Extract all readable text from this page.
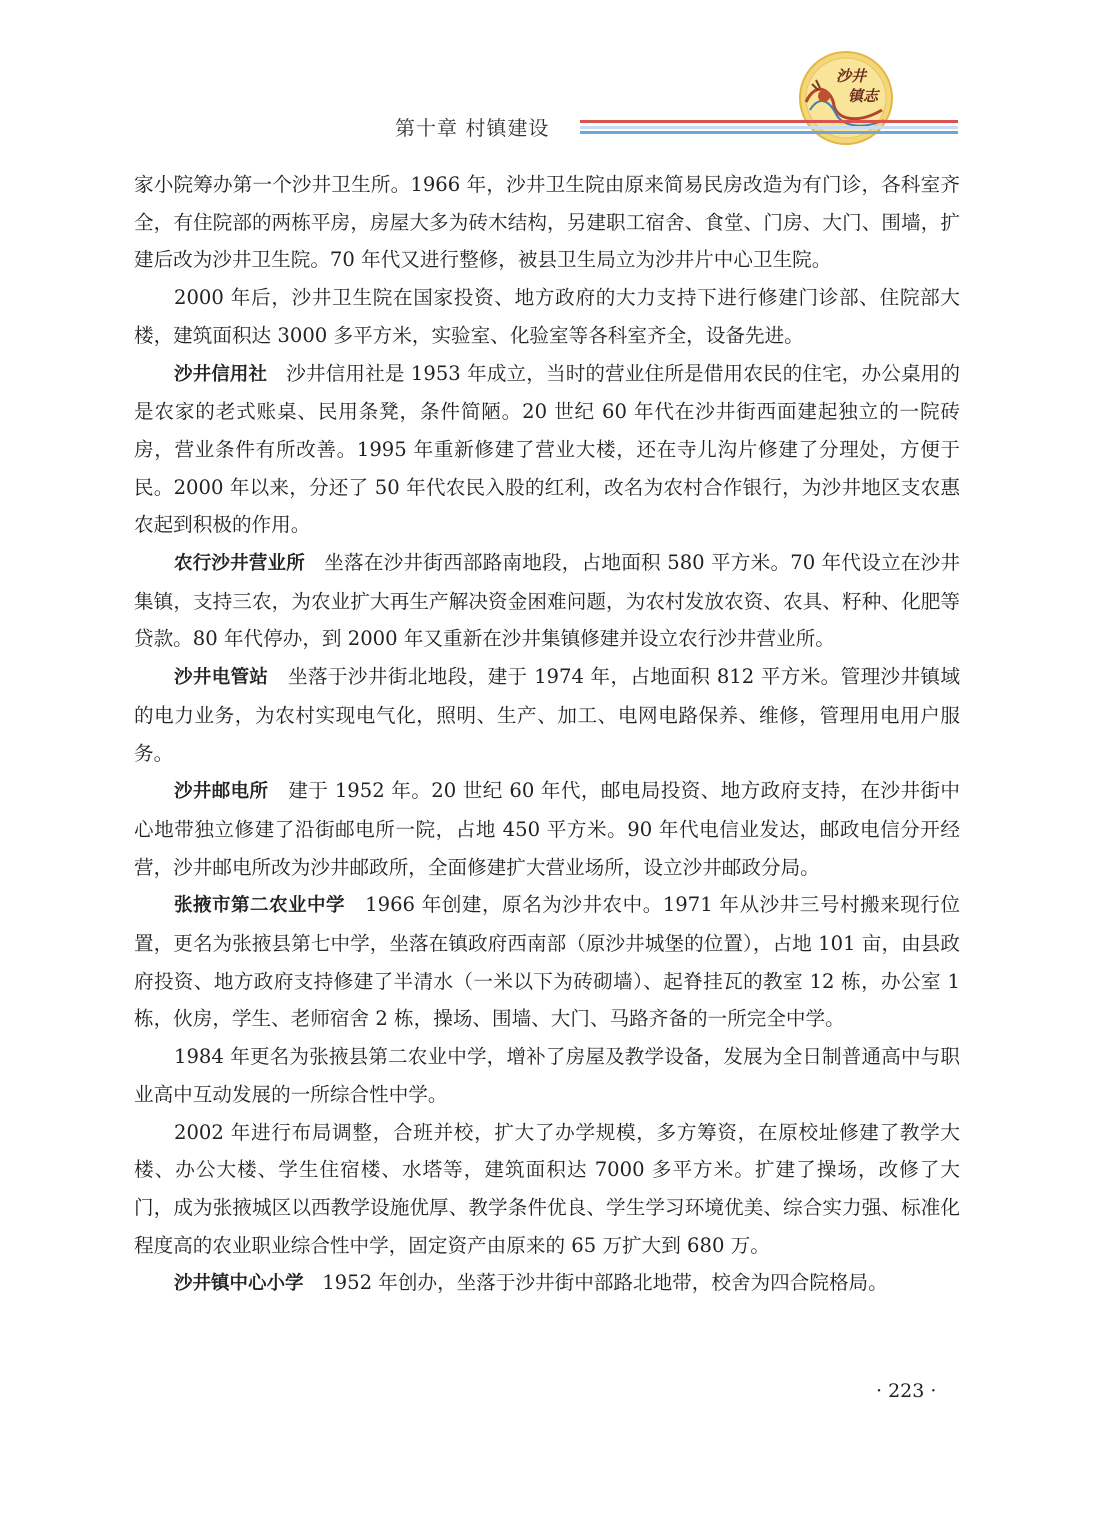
沙井
镇志
第十章 村镇建设

家小院筹办第一个沙井卫生所。1966 年，沙井卫生院由原来简易民房改造为有门诊，各科室齐全，有住院部的两栋平房，房屋大多为砖木结构，另建职工宿舍、食堂、门房、大门、围墙，扩建后改为沙井卫生院。70 年代又进行整修，被县卫生局立为沙井片中心卫生院。

2000 年后，沙井卫生院在国家投资、地方政府的大力支持下进行修建门诊部、住院部大楼，建筑面积达 3000 多平方米，实验室、化验室等各科室齐全，设备先进。

沙井信用社 沙井信用社是 1953 年成立，当时的营业住所是借用农民的住宅，办公桌用的是农家的老式账桌、民用条凳，条件简陋。20 世纪 60 年代在沙井街西面建起独立的一院砖房，营业条件有所改善。1995 年重新修建了营业大楼，还在寺儿沟片修建了分理处，方便于民。2000 年以来，分还了 50 年代农民入股的红利，改名为农村合作银行，为沙井地区支农惠农起到积极的作用。

农行沙井营业所 坐落在沙井街西部路南地段，占地面积 580 平方米。70 年代设立在沙井集镇，支持三农，为农业扩大再生产解决资金困难问题，为农村发放农资、农具、籽种、化肥等贷款。80 年代停办，到 2000 年又重新在沙井集镇修建并设立农行沙井营业所。

沙井电管站 坐落于沙井街北地段，建于 1974 年，占地面积 812 平方米。管理沙井镇域的电力业务，为农村实现电气化，照明、生产、加工、电网电路保养、维修，管理用电用户服务。

沙井邮电所 建于 1952 年。20 世纪 60 年代，邮电局投资、地方政府支持，在沙井街中心地带独立修建了沿街邮电所一院，占地 450 平方米。90 年代电信业发达，邮政电信分开经营，沙井邮电所改为沙井邮政所，全面修建扩大营业场所，设立沙井邮政分局。

张掖市第二农业中学 1966 年创建，原名为沙井农中。1971 年从沙井三号村搬来现行位置，更名为张掖县第七中学，坐落在镇政府西南部（原沙井城堡的位置），占地 101 亩，由县政府投资、地方政府支持修建了半清水（一米以下为砖砌墙）、起脊挂瓦的教室 12 栋，办公室 1 栋，伙房，学生、老师宿舍 2 栋，操场、围墙、大门、马路齐备的一所完全中学。

1984 年更名为张掖县第二农业中学，增补了房屋及教学设备，发展为全日制普通高中与职业高中互动发展的一所综合性中学。

2002 年进行布局调整，合班并校，扩大了办学规模，多方筹资，在原校址修建了教学大楼、办公大楼、学生住宿楼、水塔等，建筑面积达 7000 多平方米。扩建了操场，改修了大门，成为张掖城区以西教学设施优厚、教学条件优良、学生学习环境优美、综合实力强、标准化程度高的农业职业综合性中学，固定资产由原来的 65 万扩大到 680 万。

沙井镇中心小学 1952 年创办，坐落于沙井街中部路北地带，校舍为四合院格局。

· 223 ·
